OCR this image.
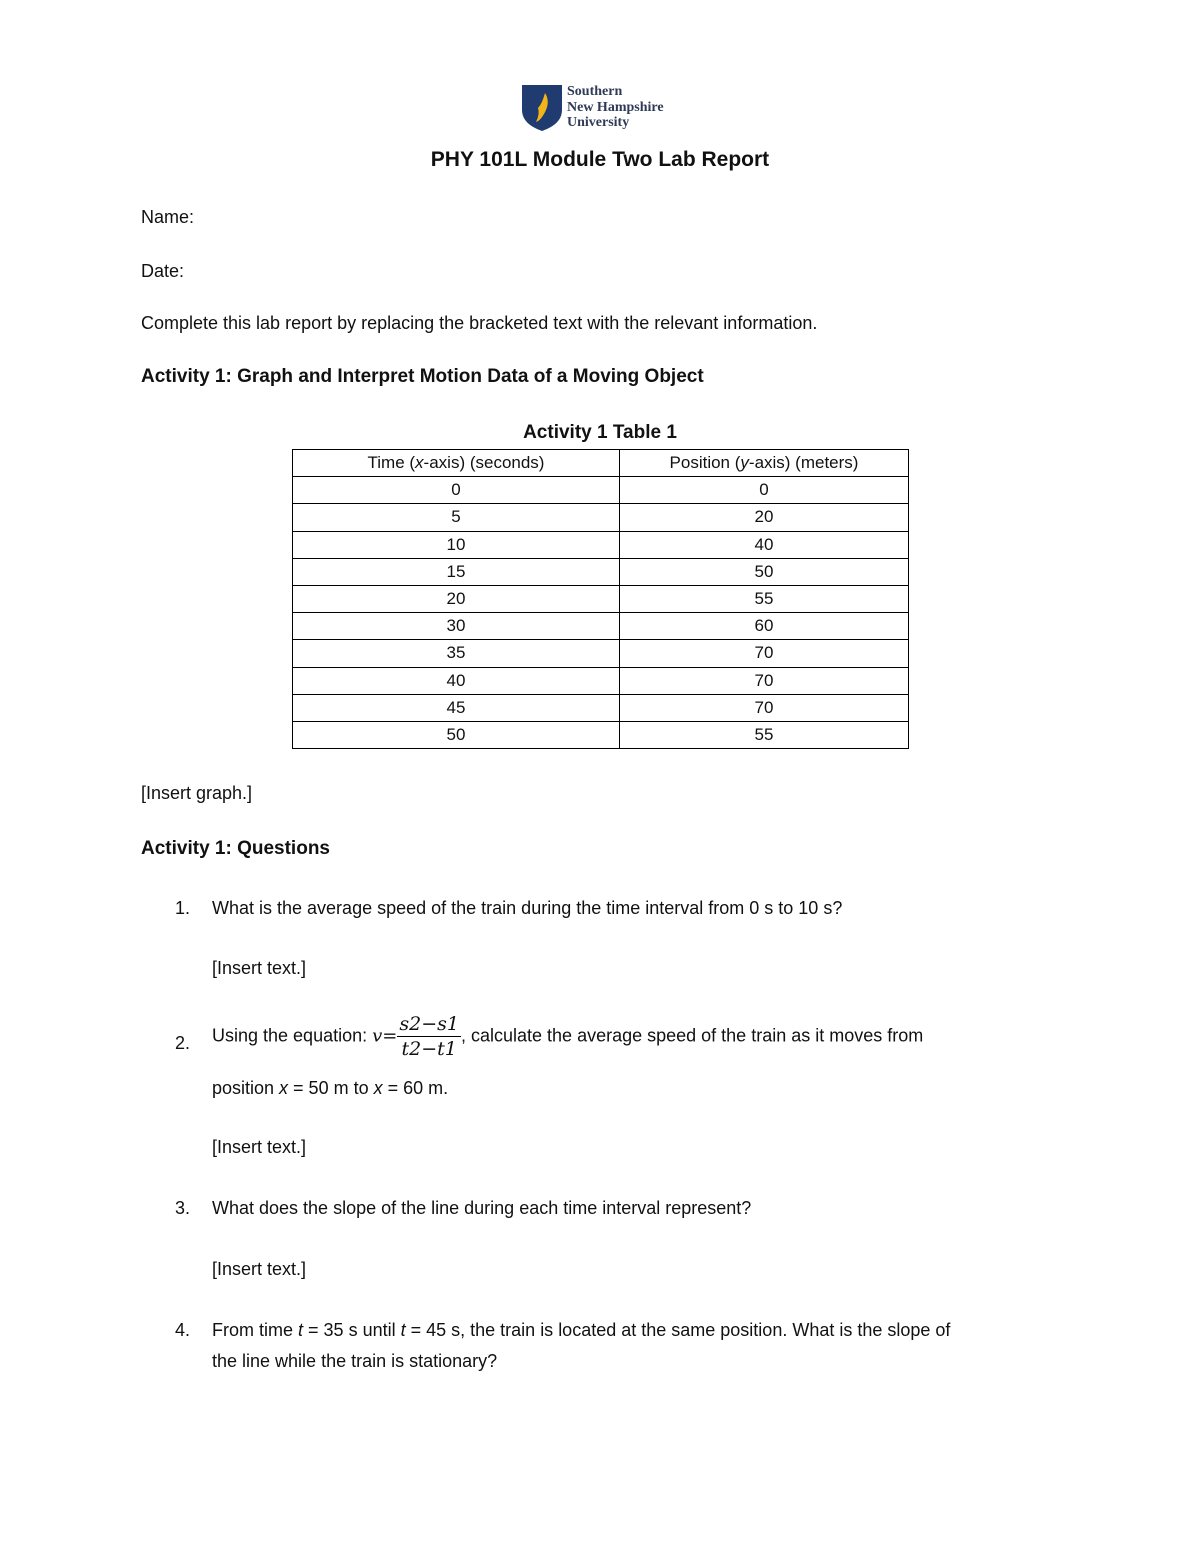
Southern
New Hampshire
University
PHY 101L Module Two Lab Report
Name:
Date:
Complete this lab report by replacing the bracketed text with the relevant information.
Activity 1: Graph and Interpret Motion Data of a Moving Object
Activity 1 Table 1
Time (x-axis) (seconds)	Position (y-axis) (meters)
0	0
5	20
10	40
15	50
20	55
30	60
35	70
40	70
45	70
50	55
[Insert graph.]
Activity 1: Questions
1. What is the average speed of the train during the time interval from 0 s to 10 s?
[Insert text.]
2. Using the equation: $v= \frac{s2-s1}{t2-t1}$ , calculate the average speed of the train as it moves from
position x = 50 m to x = 60 m.
[Insert text.]
3. What does the slope of the line during each time interval represent?
[Insert text.]
4. From time t = 35 s until t = 45 s, the train is located at the same position. What is the slope of
the line while the train is stationary?
